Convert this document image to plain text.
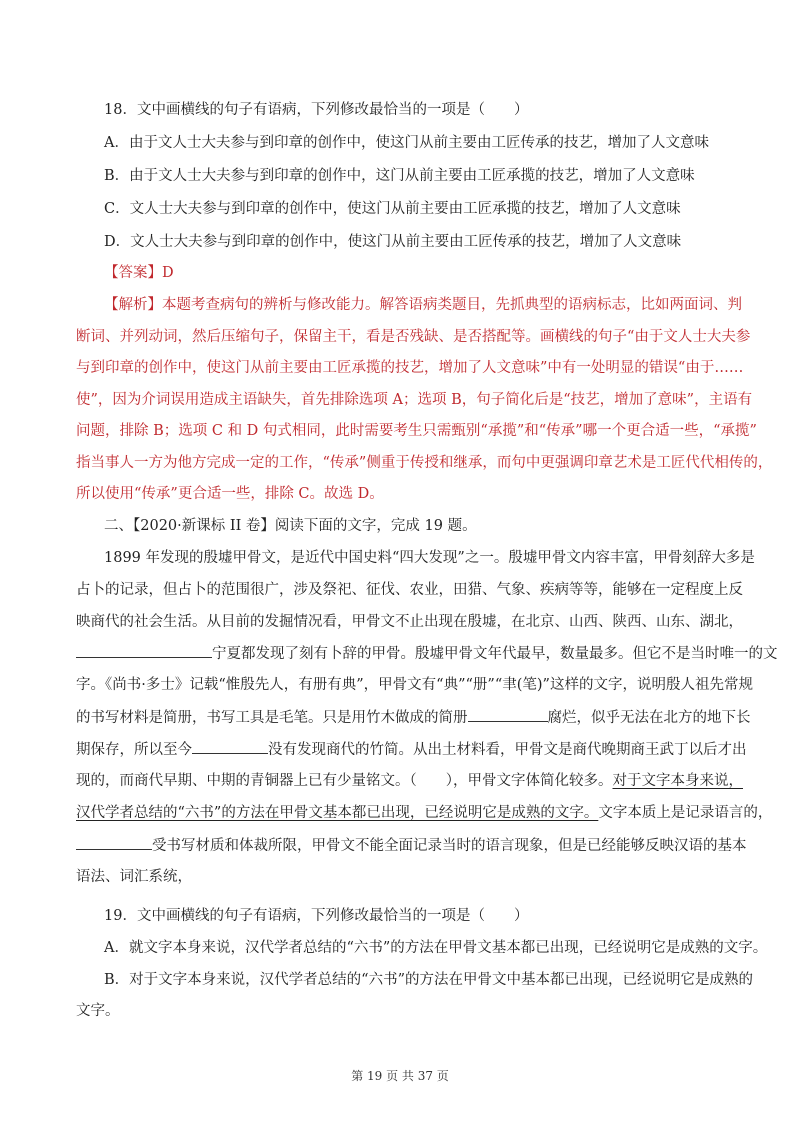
18．文中画横线的句子有语病，下列修改最恰当的一项是（　　）
A．由于文人士大夫参与到印章的创作中，使这门从前主要由工匠传承的技艺，增加了人文意味
B．由于文人士大夫参与到印章的创作中，这门从前主要由工匠承揽的技艺，增加了人文意味
C．文人士大夫参与到印章的创作中，使这门从前主要由工匠承揽的技艺，增加了人文意味
D．文人士大夫参与到印章的创作中，使这门从前主要由工匠传承的技艺，增加了人文意味
【答案】D
【解析】本题考查病句的辨析与修改能力。解答语病类题目，先抓典型的语病标志，比如两面词、判
断词、并列动词，然后压缩句子，保留主干，看是否残缺、是否搭配等。画横线的句子“由于文人士大夫参
与到印章的创作中，使这门从前主要由工匠承揽的技艺，增加了人文意味”中有一处明显的错误“由于……
使”，因为介词误用造成主语缺失，首先排除选项 A；选项 B，句子简化后是“技艺，增加了意味”，主语有
问题，排除 B；选项 C 和 D 句式相同，此时需要考生只需甄别“承揽”和“传承”哪一个更合适一些，“承揽”
指当事人一方为他方完成一定的工作，“传承”侧重于传授和继承，而句中更强调印章艺术是工匠代代相传的，
所以使用“传承”更合适一些，排除 C。故选 D。
二、【2020·新课标 II 卷】阅读下面的文字，完成 19 题。
1899 年发现的殷墟甲骨文，是近代中国史料“四大发现”之一。殷墟甲骨文内容丰富，甲骨刻辞大多是
占卜的记录，但占卜的范围很广，涉及祭祀、征伐、农业，田猎、气象、疾病等等，能够在一定程度上反
映商代的社会生活。从目前的发掘情况看，甲骨文不止出现在殷墟，在北京、山西、陕西、山东、湖北，
宁夏都发现了刻有卜辞的甲骨。殷墟甲骨文年代最早，数量最多。但它不是当时唯一的文
字。《尚书·多士》记载“惟殷先人，有册有典”，甲骨文有“典”“册”“聿(笔)”这样的文字，说明殷人祖先常规
的书写材料是简册，书写工具是毛笔。只是用竹木做成的简册	腐烂，似乎无法在北方的地下长
期保存，所以至今	没有发现商代的竹简。从出土材料看，甲骨文是商代晚期商王武丁以后才出
现的，而商代早期、中期的青铜器上已有少量铭文。（　　），甲骨文字体简化较多。对于文字本身来说，
汉代学者总结的“六书”的方法在甲骨文基本都已出现，已经说明它是成熟的文字。文字本质上是记录语言的，
受书写材质和体裁所限，甲骨文不能全面记录当时的语言现象，但是已经能够反映汉语的基本
语法、词汇系统，
19．文中画横线的句子有语病，下列修改最恰当的一项是（　　）
A．就文字本身来说，汉代学者总结的“六书”的方法在甲骨文基本都已出现，已经说明它是成熟的文字。
B．对于文字本身来说，汉代学者总结的“六书”的方法在甲骨文中基本都已出现，已经说明它是成熟的
文字。
第 19 页 共 37 页
